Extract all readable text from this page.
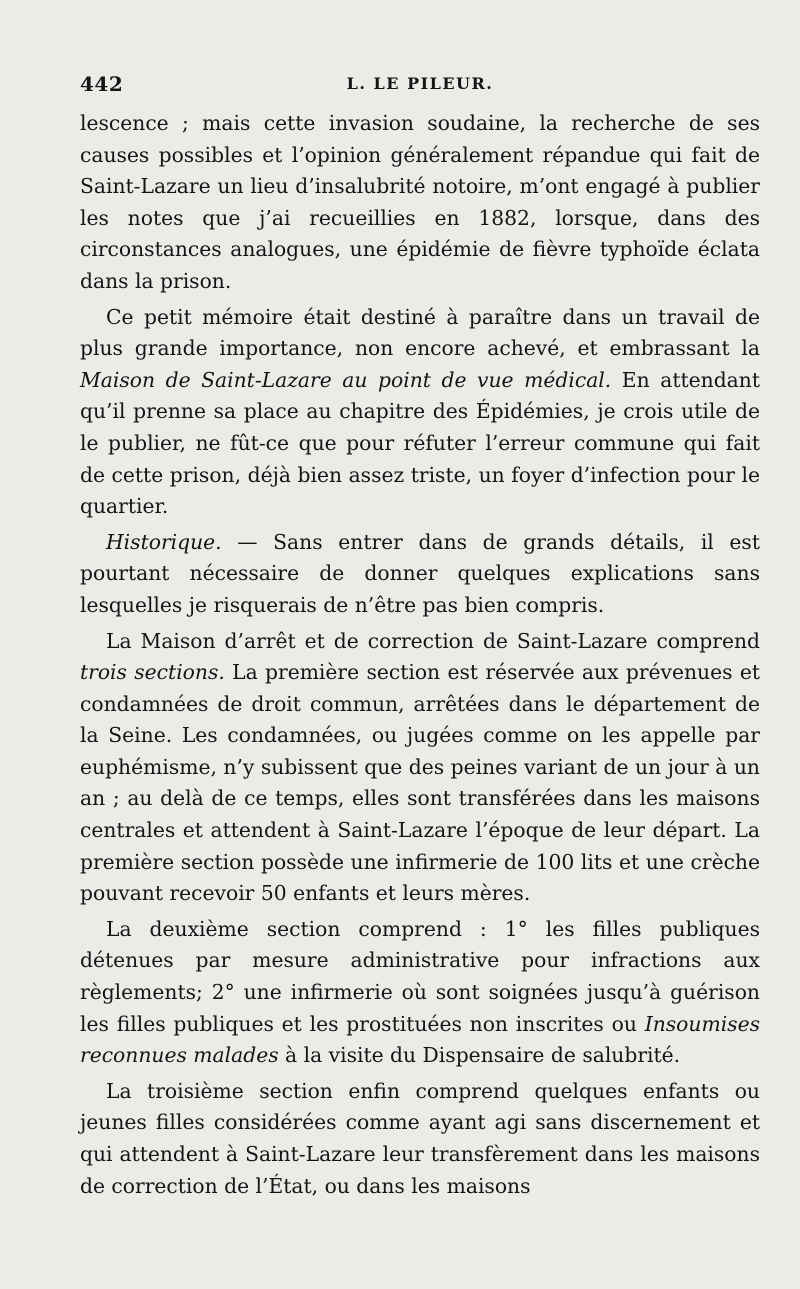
442	L. LE PILEUR.

lescence ; mais cette invasion soudaine, la recherche de ses causes possibles et l’opinion généralement répandue qui fait de Saint-Lazare un lieu d’insalubrité notoire, m’ont engagé à publier les notes que j’ai recueillies en 1882, lorsque, dans des circonstances analogues, une épidémie de fièvre typhoïde éclata dans la prison.

Ce petit mémoire était destiné à paraître dans un travail de plus grande importance, non encore achevé, et embrassant la Maison de Saint-Lazare au point de vue médical. En attendant qu’il prenne sa place au chapitre des Épidémies, je crois utile de le publier, ne fût-ce que pour réfuter l’erreur commune qui fait de cette prison, déjà bien assez triste, un foyer d’infection pour le quartier.

Historique. — Sans entrer dans de grands détails, il est pourtant nécessaire de donner quelques explications sans lesquelles je risquerais de n’être pas bien compris.

La Maison d’arrêt et de correction de Saint-Lazare comprend trois sections. La première section est réservée aux prévenues et condamnées de droit commun, arrêtées dans le département de la Seine. Les condamnées, ou jugées comme on les appelle par euphémisme, n’y subissent que des peines variant de un jour à un an ; au delà de ce temps, elles sont transférées dans les maisons centrales et attendent à Saint-Lazare l’époque de leur départ. La première section possède une infirmerie de 100 lits et une crèche pouvant recevoir 50 enfants et leurs mères.

La deuxième section comprend : 1° les filles publiques détenues par mesure administrative pour infractions aux règlements; 2° une infirmerie où sont soignées jusqu’à guérison les filles publiques et les prostituées non inscrites ou Insoumises reconnues malades à la visite du Dispensaire de salubrité.

La troisième section enfin comprend quelques enfants ou jeunes filles considérées comme ayant agi sans discernement et qui attendent à Saint-Lazare leur transfèrement dans les maisons de correction de l’État, ou dans les maisons
